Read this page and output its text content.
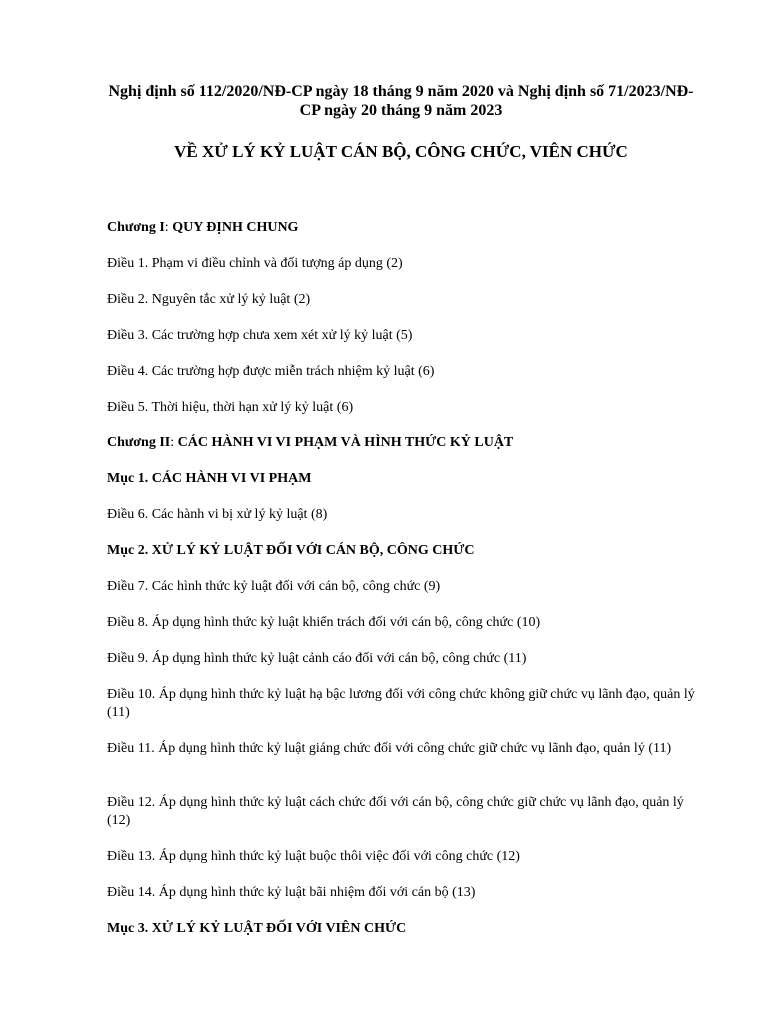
Nghị định số 112/2020/NĐ-CP ngày 18 tháng 9 năm 2020 và Nghị định số 71/2023/NĐ-CP ngày 20 tháng 9 năm 2023
VỀ XỬ LÝ KỶ LUẬT CÁN BỘ, CÔNG CHỨC, VIÊN CHỨC
Chương I: QUY ĐỊNH CHUNG
Điều 1. Phạm vi điều chỉnh và đối tượng áp dụng (2)
Điều 2. Nguyên tắc xử lý kỷ luật (2)
Điều 3. Các trường hợp chưa xem xét xử lý kỷ luật (5)
Điều 4. Các trường hợp được miễn trách nhiệm kỷ luật (6)
Điều 5. Thời hiệu, thời hạn xử lý kỷ luật (6)
Chương II: CÁC HÀNH VI VI PHẠM VÀ HÌNH THỨC KỶ LUẬT
Mục 1. CÁC HÀNH VI VI PHẠM
Điều 6. Các hành vi bị xử lý kỷ luật (8)
Mục 2. XỬ LÝ KỶ LUẬT ĐỐI VỚI CÁN BỘ, CÔNG CHỨC
Điều 7. Các hình thức kỷ luật đối với cán bộ, công chức (9)
Điều 8. Áp dụng hình thức kỷ luật khiển trách đối với cán bộ, công chức (10)
Điều 9. Áp dụng hình thức kỷ luật cảnh cáo đối với cán bộ, công chức (11)
Điều 10. Áp dụng hình thức kỷ luật hạ bậc lương đối với công chức không giữ chức vụ lãnh đạo, quản lý (11)
Điều 11. Áp dụng hình thức kỷ luật giáng chức đối với công chức giữ chức vụ lãnh đạo, quản lý (11)
Điều 12. Áp dụng hình thức kỷ luật cách chức đối với cán bộ, công chức giữ chức vụ lãnh đạo, quản lý (12)
Điều 13. Áp dụng hình thức kỷ luật buộc thôi việc đối với công chức (12)
Điều 14. Áp dụng hình thức kỷ luật bãi nhiệm đối với cán bộ (13)
Mục 3. XỬ LÝ KỶ LUẬT ĐỐI VỚI VIÊN CHỨC
